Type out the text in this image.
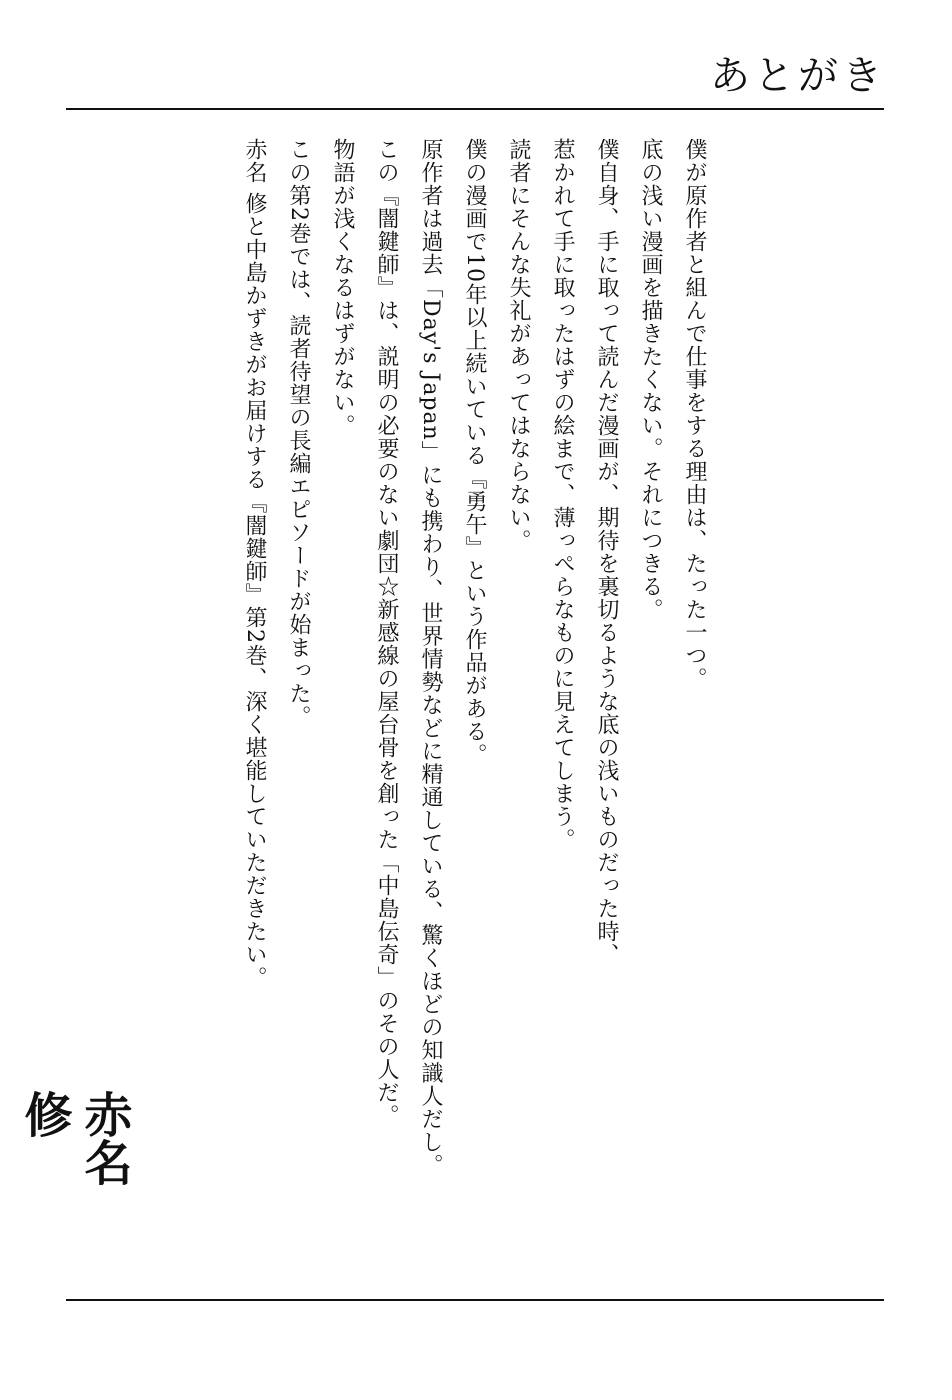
あとがき

僕が原作者と組んで仕事をする理由は、たった一つ。

底の浅い漫画を描きたくない。それにつきる。

僕自身、手に取って読んだ漫画が、期待を裏切るような底の浅いものだった時、

惹かれて手に取ったはずの絵まで、薄っぺらなものに見えてしまう。

読者にそんな失礼があってはならない。

僕の漫画で10年以上続いている『勇午』という作品がある。

原作者は過去「Day's Japan」にも携わり、世界情勢などに精通している、驚くほどの知識人だし。

この『闇鍵師』は、説明の必要のない劇団☆新感線の屋台骨を創った「中島伝奇」のその人だ。

物語が浅くなるはずがない。

この第2巻では、読者待望の長編エピソードが始まった。

赤名 修と中島かずきがお届けする『闇鍵師』第2巻、深く堪能していただきたい。

赤名
修
